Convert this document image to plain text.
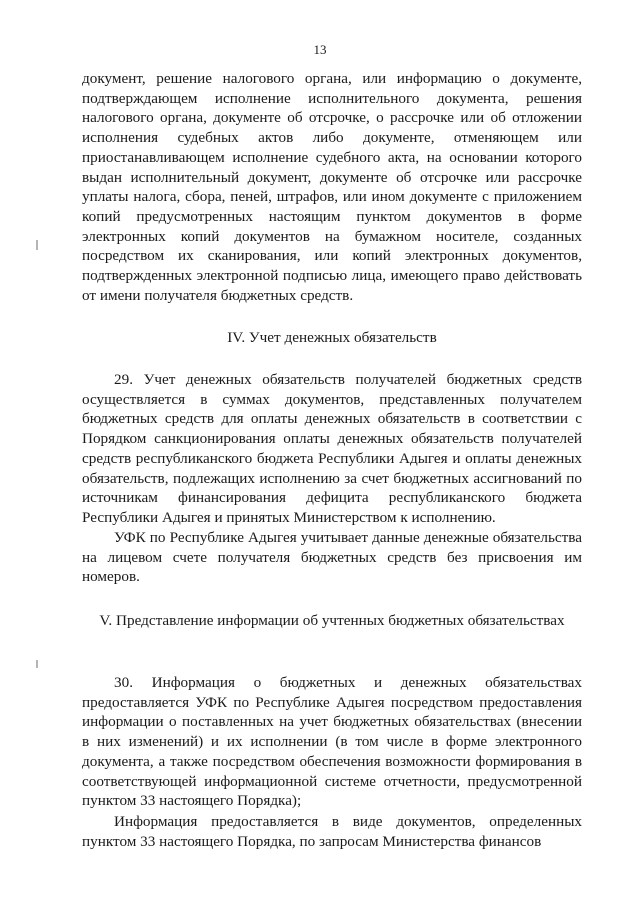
13

документ, решение налогового органа, или информацию о документе, подтверждающем исполнение исполнительного документа, решения налогового органа, документе об отсрочке, о рассрочке или об отложении исполнения судебных актов либо документе, отменяющем или приостанавливающем исполнение судебного акта, на основании которого выдан исполнительный документ, документе об отсрочке или рассрочке уплаты налога, сбора, пеней, штрафов, или ином документе с приложением копий предусмотренных настоящим пунктом документов в форме электронных копий документов на бумажном носителе, созданных посредством их сканирования, или копий электронных документов, подтвержденных электронной подписью лица, имеющего право действовать от имени получателя бюджетных средств.

IV. Учет денежных обязательств

29. Учет денежных обязательств получателей бюджетных средств осуществляется в суммах документов, представленных получателем бюджетных средств для оплаты денежных обязательств в соответствии с Порядком санкционирования оплаты денежных обязательств получателей средств республиканского бюджета Республики Адыгея и оплаты денежных обязательств, подлежащих исполнению за счет бюджетных ассигнований по источникам финансирования дефицита республиканского бюджета Республики Адыгея и принятых Министерством к исполнению.

УФК по Республике Адыгея учитывает данные денежные обязательства на лицевом счете получателя бюджетных средств без присвоения им номеров.

V. Представление информации об учтенных бюджетных обязательствах

30. Информация о бюджетных и денежных обязательствах предоставляется УФК по Республике Адыгея посредством предоставления информации о поставленных на учет бюджетных обязательствах (внесении в них изменений) и их исполнении (в том числе в форме электронного документа, а также посредством обеспечения возможности формирования в соответствующей информационной системе отчетности, предусмотренной пунктом 33 настоящего Порядка);

Информация предоставляется в виде документов, определенных пунктом 33 настоящего Порядка, по запросам Министерства финансов
